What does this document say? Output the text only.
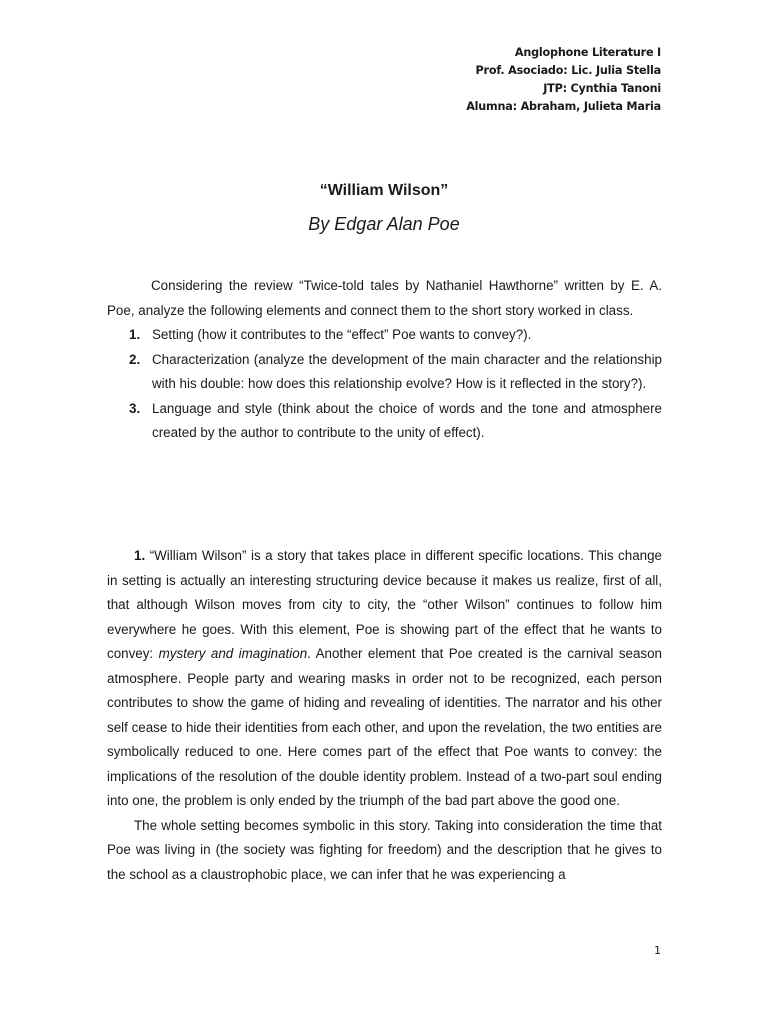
Anglophone Literature I
Prof. Asociado: Lic. Julia Stella
JTP: Cynthia Tanoni
Alumna: Abraham, Julieta Maria
“William Wilson”
By Edgar Alan Poe

Considering the review “Twice-told tales by Nathaniel Hawthorne” written by E. A. Poe, analyze the following elements and connect them to the short story worked in class.

1. Setting (how it contributes to the “effect” Poe wants to convey?).
2. Characterization (analyze the development of the main character and the relationship with his double: how does this relationship evolve? How is it reflected in the story?).
3. Language and style (think about the choice of words and the tone and atmosphere created by the author to contribute to the unity of effect).

1. “William Wilson” is a story that takes place in different specific locations. This change in setting is actually an interesting structuring device because it makes us realize, first of all, that although Wilson moves from city to city, the “other Wilson” continues to follow him everywhere he goes. With this element, Poe is showing part of the effect that he wants to convey: mystery and imagination. Another element that Poe created is the carnival season atmosphere. People party and wearing masks in order not to be recognized, each person contributes to show the game of hiding and revealing of identities. The narrator and his other self cease to hide their identities from each other, and upon the revelation, the two entities are symbolically reduced to one. Here comes part of the effect that Poe wants to convey: the implications of the resolution of the double identity problem. Instead of a two-part soul ending into one, the problem is only ended by the triumph of the bad part above the good one.

The whole setting becomes symbolic in this story. Taking into consideration the time that Poe was living in (the society was fighting for freedom) and the description that he gives to the school as a claustrophobic place, we can infer that he was experiencing a

1
